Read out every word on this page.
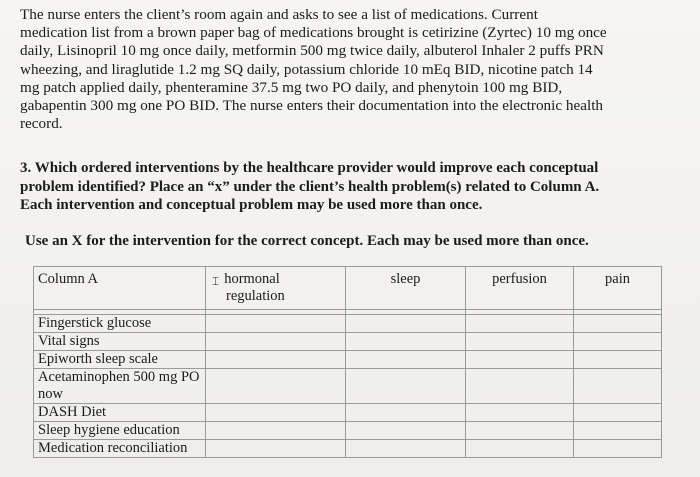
The nurse enters the client’s room again and asks to see a list of medications. Current
medication list from a brown paper bag of medications brought is cetirizine (Zyrtec) 10 mg once
daily, Lisinopril 10 mg once daily, metformin 500 mg twice daily, albuterol Inhaler 2 puffs PRN
wheezing, and liraglutide 1.2 mg SQ daily, potassium chloride 10 mEq BID, nicotine patch 14
mg patch applied daily, phenteramine 37.5 mg two PO daily, and phenytoin 100 mg BID,
gabapentin 300 mg one PO BID. The nurse enters their documentation into the electronic health
record.

3. Which ordered interventions by the healthcare provider would improve each conceptual
problem identified? Place an “x” under the client’s health problem(s) related to Column A.
Each intervention and conceptual problem may be used more than once.

Use an X for the intervention for the correct concept. Each may be used more than once.

Column A	⌶ hormonal
regulation	sleep	perfusion	pain

Fingerstick glucose				
Vital signs				
Epiworth sleep scale				
Acetaminophen 500 mg PO now				
DASH Diet				
Sleep hygiene education				
Medication reconciliation				
